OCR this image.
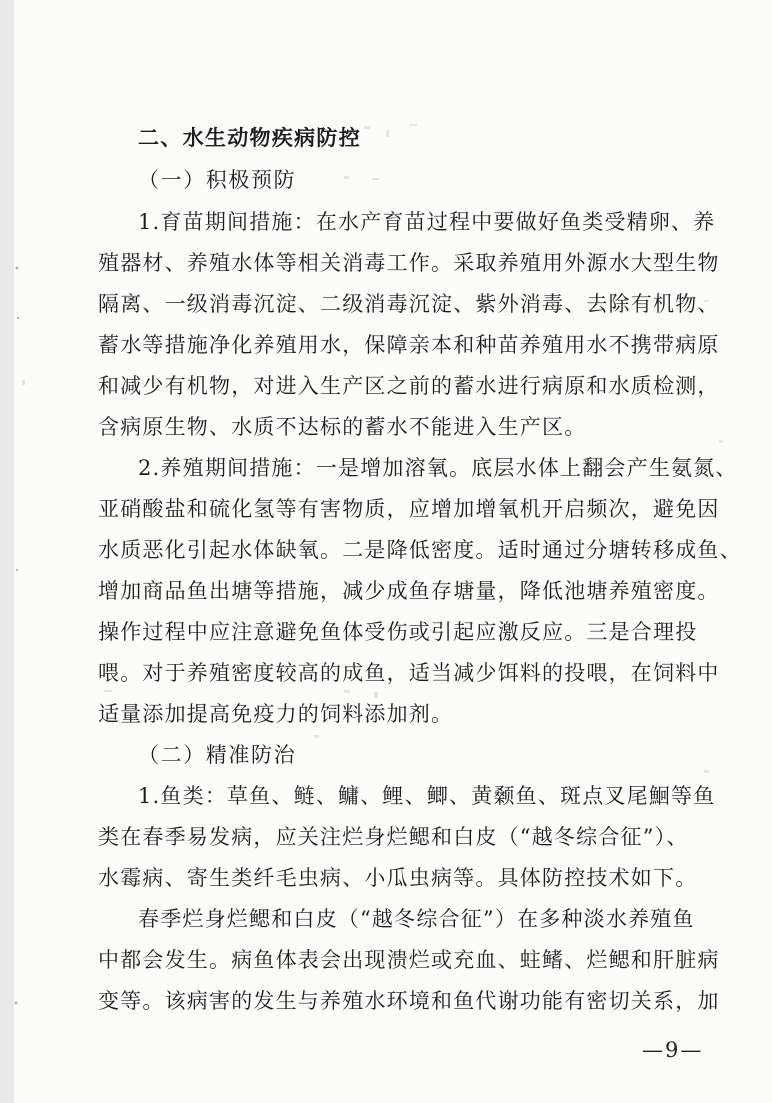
二、水生动物疾病防控
（一）积极预防
1.育苗期间措施：在水产育苗过程中要做好鱼类受精卵、养
殖器材、养殖水体等相关消毒工作。采取养殖用外源水大型生物
隔离、一级消毒沉淀、二级消毒沉淀、紫外消毒、去除有机物、
蓄水等措施净化养殖用水，保障亲本和种苗养殖用水不携带病原
和减少有机物，对进入生产区之前的蓄水进行病原和水质检测，
含病原生物、水质不达标的蓄水不能进入生产区。
2.养殖期间措施：一是增加溶氧。底层水体上翻会产生氨氮、
亚硝酸盐和硫化氢等有害物质，应增加增氧机开启频次，避免因
水质恶化引起水体缺氧。二是降低密度。适时通过分塘转移成鱼、
增加商品鱼出塘等措施，减少成鱼存塘量，降低池塘养殖密度。
操作过程中应注意避免鱼体受伤或引起应激反应。三是合理投
喂。对于养殖密度较高的成鱼，适当减少饵料的投喂，在饲料中
适量添加提高免疫力的饲料添加剂。
（二）精准防治
1.鱼类：草鱼、鲢、鳙、鲤、鲫、黄颡鱼、斑点叉尾鮰等鱼
类在春季易发病，应关注烂身烂鳃和白皮（“越冬综合征”）、
水霉病、寄生类纤毛虫病、小瓜虫病等。具体防控技术如下。
春季烂身烂鳃和白皮（“越冬综合征”）在多种淡水养殖鱼
中都会发生。病鱼体表会出现溃烂或充血、蛀鳍、烂鳃和肝脏病
变等。该病害的发生与养殖水环境和鱼代谢功能有密切关系，加
—9—
